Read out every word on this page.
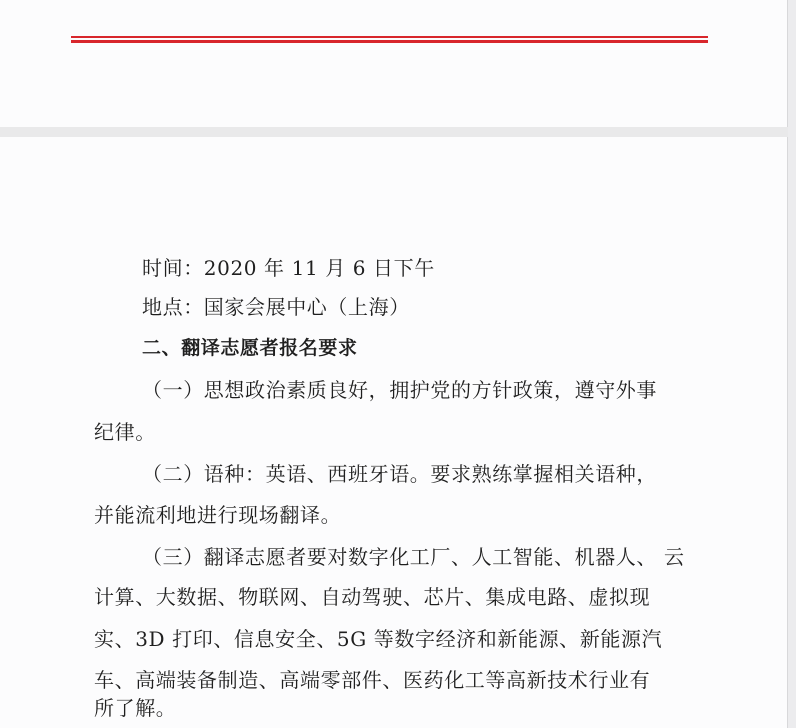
时间：2020 年 11 月 6 日下午
地点：国家会展中心（上海）
二、翻译志愿者报名要求
（一）思想政治素质良好，拥护党的方针政策，遵守外事
纪律。
（二）语种：英语、西班牙语。要求熟练掌握相关语种，
并能流利地进行现场翻译。
（三）翻译志愿者要对数字化工厂、人工智能、机器人、 云
计算、大数据、物联网、自动驾驶、芯片、集成电路、虚拟现
实、3D 打印、信息安全、5G 等数字经济和新能源、新能源汽
车、高端装备制造、高端零部件、医药化工等高新技术行业有
所了解。
